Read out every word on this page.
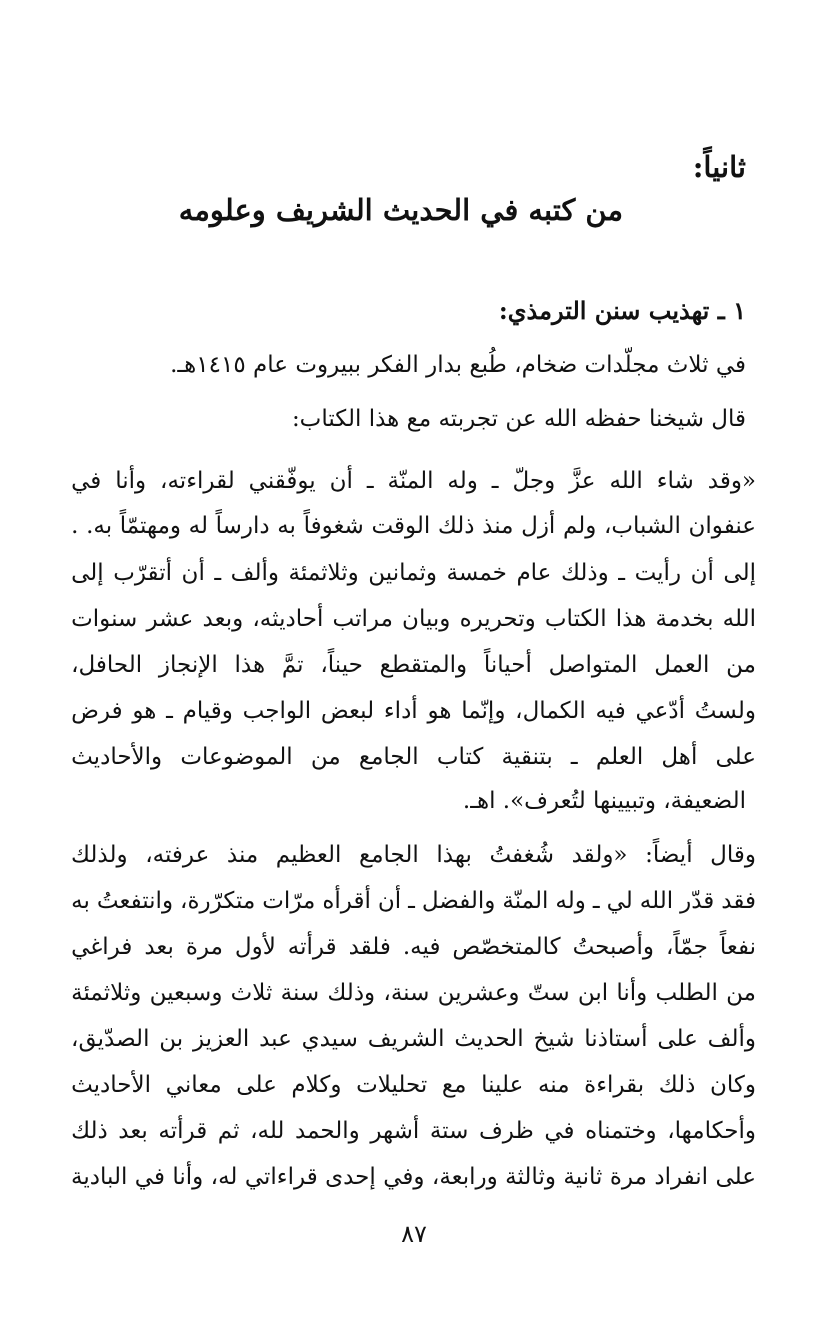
ثانياً:

من كتبه في الحديث الشريف وعلومه

١ ـ تهذيب سنن الترمذي:

في ثلاث مجلّدات ضخام، طُبع بدار الفكر ببيروت عام ١٤١٥هـ.

قال شيخنا حفظه الله عن تجربته مع هذا الكتاب:

«وقد
شاء
الله
عزَّ
وجلّ
ـ
وله
المنّة
ـ
أن
يوفّقني
لقراءته،
وأنا
في

عنفوان
الشباب،
ولم
أزل
منذ
ذلك
الوقت
شغوفاً
به
دارساً
له
ومهتمّاً
به.
.

إلى
أن
رأيت
ـ
وذلك
عام
خمسة
وثمانين
وثلاثمئة
وألف
ـ
أن
أتقرّب
إلى

الله
بخدمة
هذا
الكتاب
وتحريره
وبيان
مراتب
أحاديثه،
وبعد
عشر
سنوات

من
العمل
المتواصل
أحياناً
والمتقطع
حيناً،
تمَّ
هذا
الإنجاز
الحافل،

ولستُ
أدّعي
فيه
الكمال،
وإنّما
هو
أداء
لبعض
الواجب
وقيام
ـ
هو
فرض

على
أهل
العلم
ـ
بتنقية
كتاب
الجامع
من
الموضوعات
والأحاديث

الضعيفة، وتبيينها لتُعرف». اهـ.

وقال
أيضاً:
«ولقد
شُغفتُ
بهذا
الجامع
العظيم
منذ
عرفته،
ولذلك

فقد
قدّر
الله
لي
ـ
وله
المنّة
والفضل
ـ
أن
أقرأه
مرّات
متكرّرة،
وانتفعتُ
به

نفعاً
جمّاً،
وأصبحتُ
كالمتخصّص
فيه.
فلقد
قرأته
لأول
مرة
بعد
فراغي

من
الطلب
وأنا
ابن
ستّ
وعشرين
سنة،
وذلك
سنة
ثلاث
وسبعين
وثلاثمئة

وألف
على
أستاذنا
شيخ
الحديث
الشريف
سيدي
عبد
العزيز
بن
الصدّيق،

وكان
ذلك
بقراءة
منه
علينا
مع
تحليلات
وكلام
على
معاني
الأحاديث

وأحكامها،
وختمناه
في
ظرف
ستة
أشهر
والحمد
لله،
ثم
قرأته
بعد
ذلك

على
انفراد
مرة
ثانية
وثالثة
ورابعة،
وفي
إحدى
قراءاتي
له،
وأنا
في
البادية

٨٧
